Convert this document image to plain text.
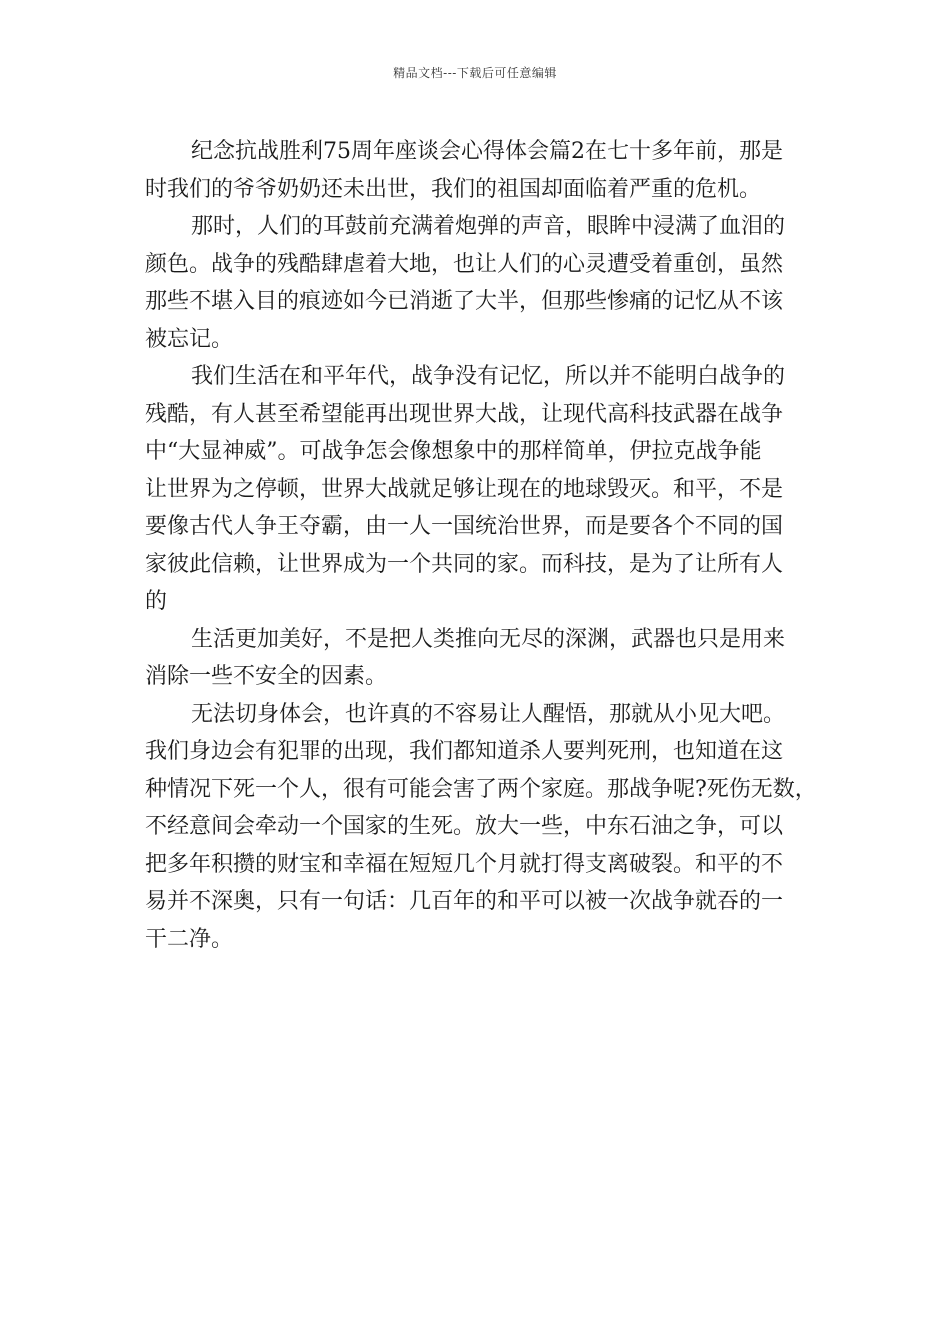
精品文档---下载后可任意编辑

纪念抗战胜利75周年座谈会心得体会篇2在七十多年前，那是
时我们的爷爷奶奶还未出世，我们的祖国却面临着严重的危机。

那时，人们的耳鼓前充满着炮弹的声音，眼眸中浸满了血泪的
颜色。战争的残酷肆虐着大地，也让人们的心灵遭受着重创，虽然
那些不堪入目的痕迹如今已消逝了大半，但那些惨痛的记忆从不该
被忘记。

我们生活在和平年代，战争没有记忆，所以并不能明白战争的
残酷，有人甚至希望能再出现世界大战，让现代高科技武器在战争
中“大显神威”。可战争怎会像想象中的那样简单，伊拉克战争能
让世界为之停顿，世界大战就足够让现在的地球毁灭。和平，不是
要像古代人争王夺霸，由一人一国统治世界，而是要各个不同的国
家彼此信赖，让世界成为一个共同的家。而科技，是为了让所有人
的

生活更加美好，不是把人类推向无尽的深渊，武器也只是用来
消除一些不安全的因素。

无法切身体会，也许真的不容易让人醒悟，那就从小见大吧。
我们身边会有犯罪的出现，我们都知道杀人要判死刑，也知道在这
种情况下死一个人，很有可能会害了两个家庭。那战争呢?死伤无数，
不经意间会牵动一个国家的生死。放大一些，中东石油之争，可以
把多年积攒的财宝和幸福在短短几个月就打得支离破裂。和平的不
易并不深奥，只有一句话：几百年的和平可以被一次战争就吞的一
干二净。
